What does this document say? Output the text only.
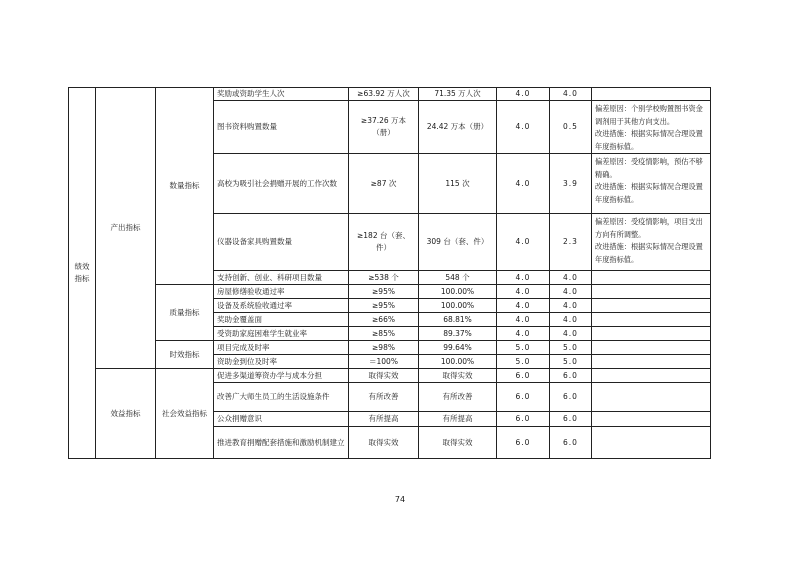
绩效指标	产出指标	数量指标	奖励或资助学生人次	≥63.92 万人次	71.35 万人次	4.0	4.0	
			图书资料购置数量	≥37.26 万本（册）	24.42 万本（册）	4.0	0.5	偏差原因：个别学校购置图书资金调剂用于其他方向支出。
改进措施：根据实际情况合理设置年度指标值。

			高校为吸引社会捐赠开展的工作次数	≥87 次	115 次	4.0	3.9	偏差原因：受疫情影响，预估不够精确。
改进措施：根据实际情况合理设置年度指标值。

			仪器设备家具购置数量	≥182 台（套、件）	309 台（套、件）	4.0	2.3	偏差原因：受疫情影响，项目支出方向有所调整。
改进措施：根据实际情况合理设置年度指标值。

			支持创新、创业、科研项目数量	≥538 个	548 个	4.0	4.0	
		质量指标	房屋修缮验收通过率	≥95%	100.00%	4.0	4.0	
			设备及系统验收通过率	≥95%	100.00%	4.0	4.0	
			奖助金覆盖面	≥66%	68.81%	4.0	4.0	
			受资助家庭困难学生就业率	≥85%	89.37%	4.0	4.0	
		时效指标	项目完成及时率	≥98%	99.64%	5.0	5.0	
			资助金到位及时率	＝100%	100.00%	5.0	5.0	
	效益指标	社会效益指标	促进多渠道筹资办学与成本分担	取得实效	取得实效	6.0	6.0	
			改善广大师生员工的生活设施条件	有所改善	有所改善	6.0	6.0	
			公众捐赠意识	有所提高	有所提高	6.0	6.0	
			推进教育捐赠配套措施和激励机制建立	取得实效	取得实效	6.0	6.0	
74
